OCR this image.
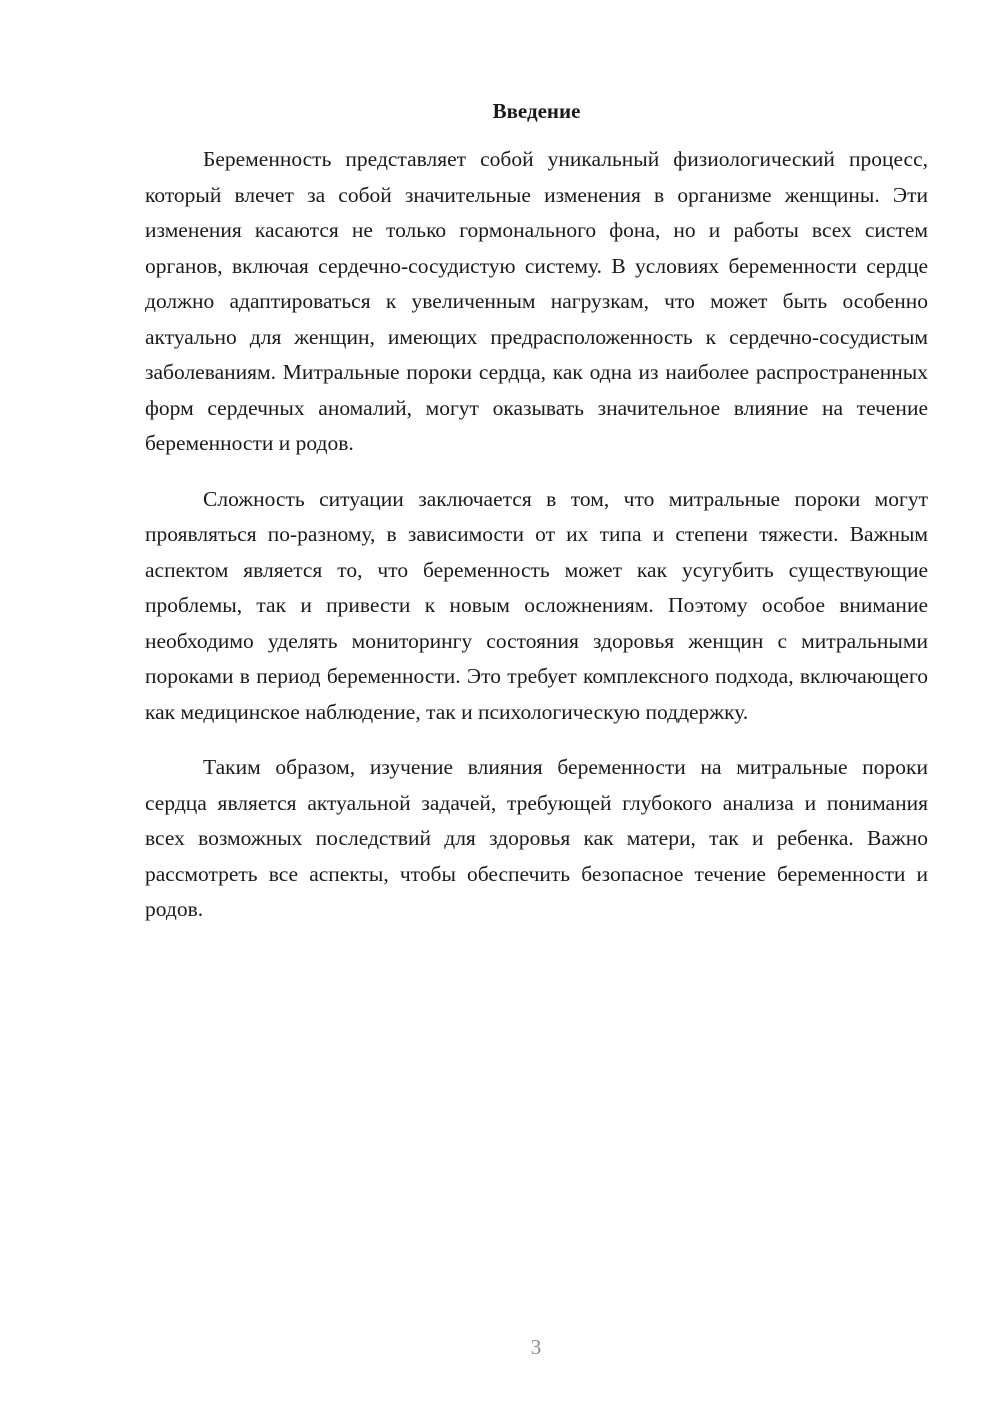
Введение

Беременность представляет собой уникальный физиологический процесс, который влечет за собой значительные изменения в организме женщины. Эти изменения касаются не только гормонального фона, но и работы всех систем органов, включая сердечно-сосудистую систему. В условиях беременности сердце должно адаптироваться к увеличенным нагрузкам, что может быть особенно актуально для женщин, имеющих предрасположенность к сердечно-сосудистым заболеваниям. Митральные пороки сердца, как одна из наиболее распространенных форм сердечных аномалий, могут оказывать значительное влияние на течение беременности и родов.

Сложность ситуации заключается в том, что митральные пороки могут проявляться по-разному, в зависимости от их типа и степени тяжести. Важным аспектом является то, что беременность может как усугубить существующие проблемы, так и привести к новым осложнениям. Поэтому особое внимание необходимо уделять мониторингу состояния здоровья женщин с митральными пороками в период беременности. Это требует комплексного подхода, включающего как медицинское наблюдение, так и психологическую поддержку.

Таким образом, изучение влияния беременности на митральные пороки сердца является актуальной задачей, требующей глубокого анализа и понимания всех возможных последствий для здоровья как матери, так и ребенка. Важно рассмотреть все аспекты, чтобы обеспечить безопасное течение беременности и родов.

3
